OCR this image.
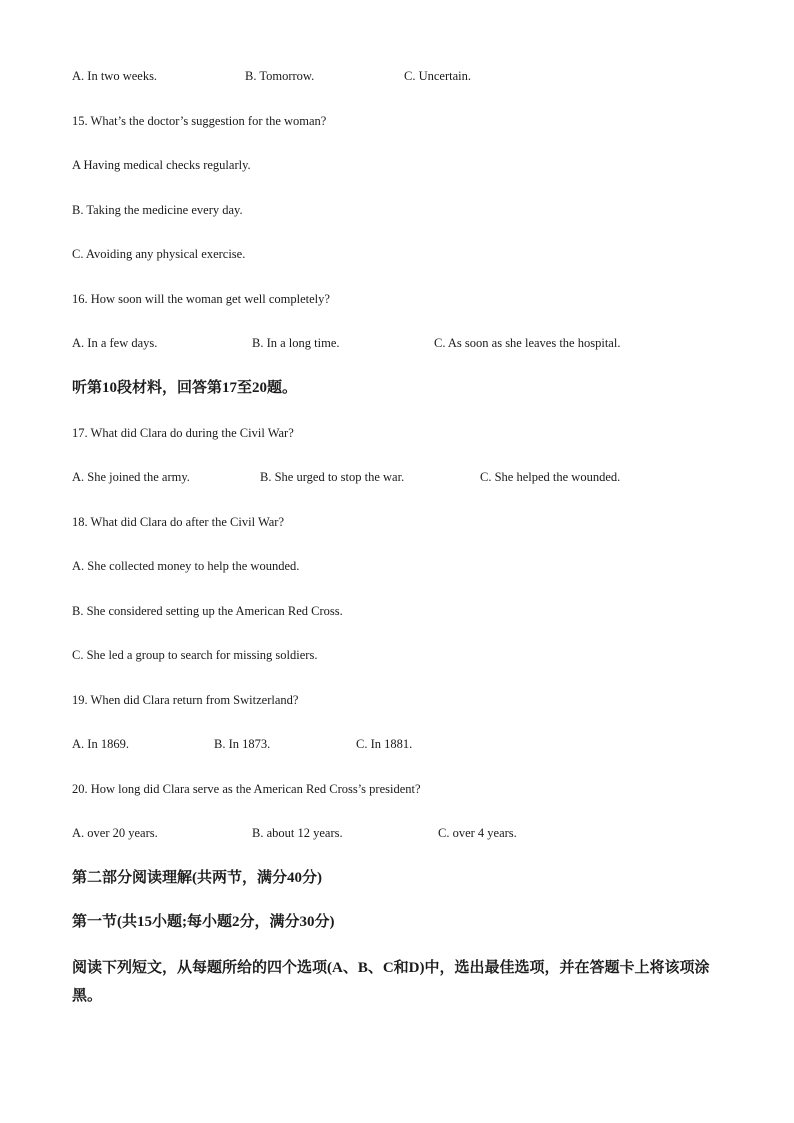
A. In two weeks.	B. Tomorrow.	C. Uncertain.
15. What’s the doctor’s suggestion for the woman?
A Having medical checks regularly.
B. Taking the medicine every day.
C. Avoiding any physical exercise.
16. How soon will the woman get well completely?
A. In a few days.	B. In a long time.	C. As soon as she leaves the hospital.
听第10段材料，回答第17至20题。
17. What did Clara do during the Civil War?
A. She joined the army.	B. She urged to stop the war.	C. She helped the wounded.
18. What did Clara do after the Civil War?
A. She collected money to help the wounded.
B. She considered setting up the American Red Cross.
C. She led a group to search for missing soldiers.
19. When did Clara return from Switzerland?
A. In 1869.	B. In 1873.	C. In 1881.
20. How long did Clara serve as the American Red Cross’s president?
A. over 20 years.	B. about 12 years.	C. over 4 years.
第二部分阅读理解(共两节，满分40分)
第一节(共15小题;每小题2分，满分30分)
阅读下列短文，从每题所给的四个选项(A、B、C和D)中，选出最佳选项，并在答题卡上将该项涂黑。
